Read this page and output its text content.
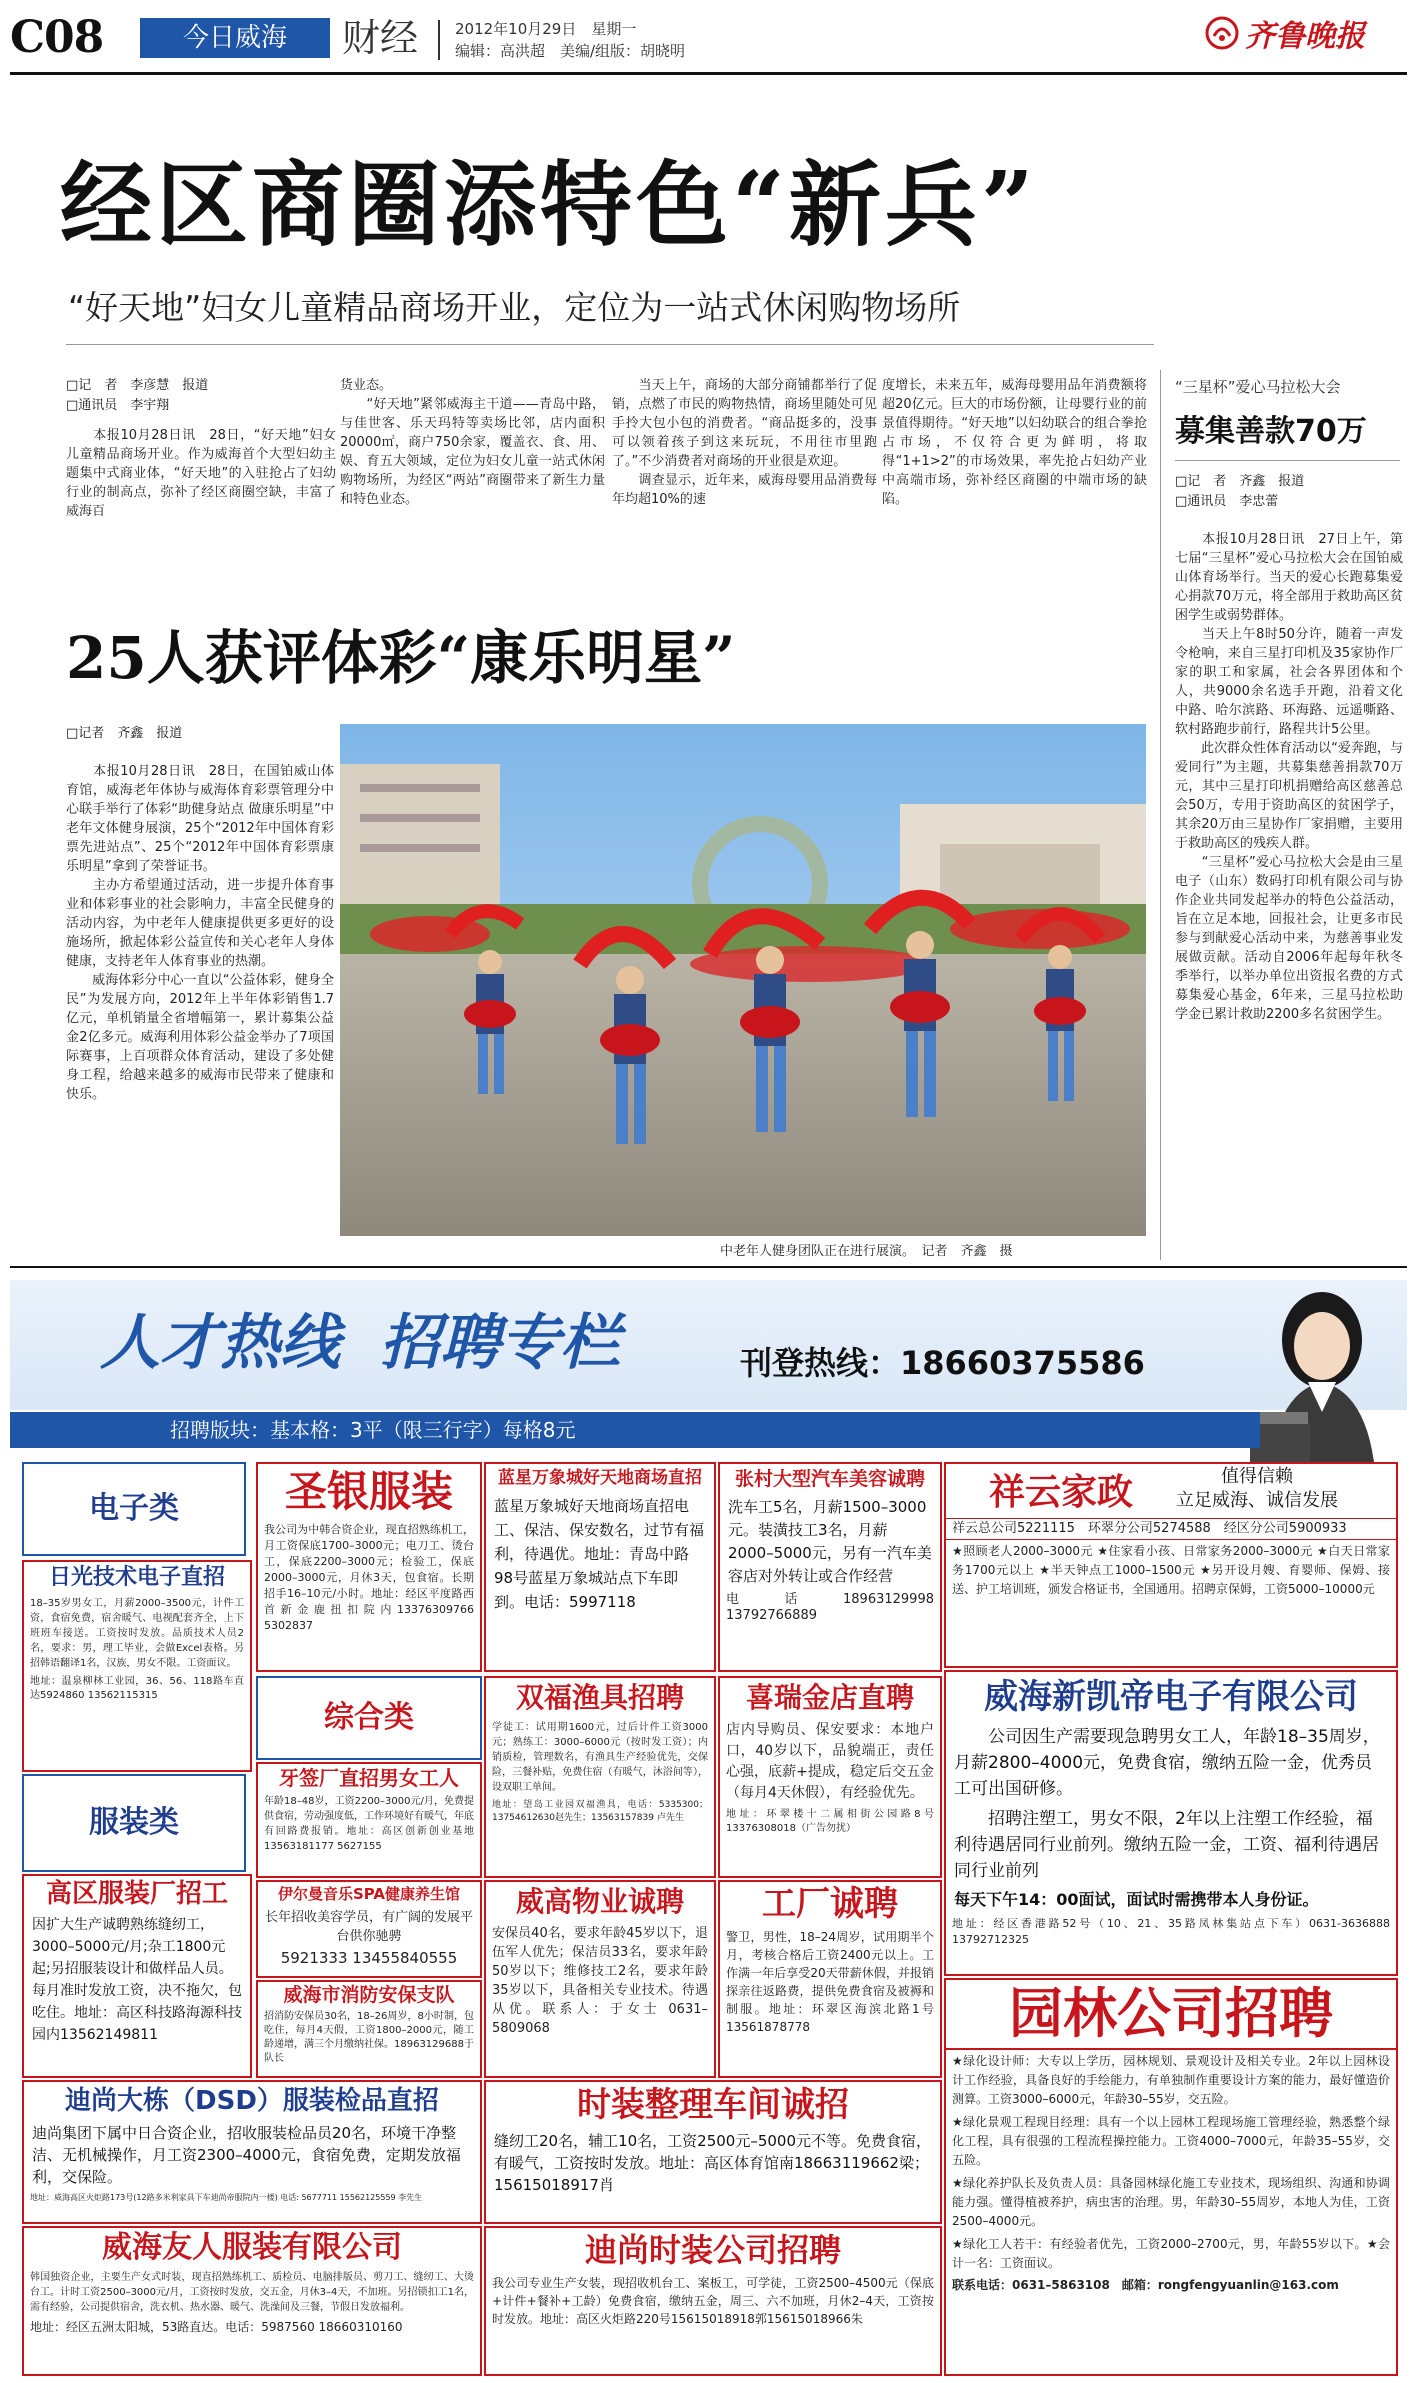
C08	今日威海	财经 2012年10月29日　星期一
编辑：高洪超　美编/组版：胡晓明	齐鲁晚报
经区商圈添特色“新兵”
“好天地”妇女儿童精品商场开业，定位为一站式休闲购物场所
□记　者　李彦慧　报道
□通讯员　李宇翔
　　本报10月28日讯　28日，“好天地”妇女儿童精品商场开业。作为威海首个大型妇幼主题集中式商业体，“好天地”的入驻抢占了妇幼行业的制高点，弥补了经区商圈空缺，丰富了威海百
货业态。
　　“好天地”紧邻威海主干道——青岛中路，与佳世客、乐天玛特等卖场比邻，店内面积20000㎡，商户750余家，覆盖衣、食、用、娱、育五大领域，定位为妇女儿童一站式休闲购物场所，为经区“两站”商圈带来了新生力量和特色业态。
　　当天上午，商场的大部分商铺都举行了促销，点燃了市民的购物热情，商场里随处可见手拎大包小包的消费者。“商品挺多的，没事可以领着孩子到这来玩玩，不用往市里跑了。”不少消费者对商场的开业很是欢迎。
　　调查显示，近年来，威海母婴用品消费每年均超10%的速
度增长，未来五年，威海母婴用品年消费额将超20亿元。巨大的市场份额，让母婴行业的前景值得期待。“好天地”以妇幼联合的组合拳抢占市场，不仅符合更为鲜明，将取得“1+1>2”的市场效果，率先抢占妇幼产业中高端市场，弥补经区商圈的中端市场的缺陷。
“三星杯”爱心马拉松大会
募集善款70万
□记　者　齐鑫　报道
□通讯员　李忠蕾
　　本报10月28日讯　27日上午，第七届“三星杯”爱心马拉松大会在国铂威山体育场举行。当天的爱心长跑募集爱心捐款70万元，将全部用于救助高区贫困学生或弱势群体。
　　当天上午8时50分许，随着一声发令枪响，来自三星打印机及35家协作厂家的职工和家属，社会各界团体和个人，共9000余名选手开跑，沿着文化中路、哈尔滨路、环海路、远遥嘶路、软村路跑步前行，路程共计5公里。
　　此次群众性体育活动以“爱奔跑，与爱同行”为主题，共募集慈善捐款70万元，其中三星打印机捐赠给高区慈善总会50万，专用于资助高区的贫困学子，其余20万由三星协作厂家捐赠，主要用于救助高区的残疾人群。
　　“三星杯”爱心马拉松大会是由三星电子（山东）数码打印机有限公司与协作企业共同发起举办的特色公益活动，旨在立足本地，回报社会，让更多市民参与到献爱心活动中来，为慈善事业发展做贡献。活动自2006年起每年秋冬季举行，以举办单位出资报名费的方式募集爱心基金，6年来，三星马拉松助学金已累计救助2200多名贫困学生。
25人获评体彩“康乐明星”
□记者　齐鑫　报道
　　本报10月28日讯　28日，在国铂威山体育馆，威海老年体协与威海体育彩票管理分中心联手举行了体彩“助健身站点 做康乐明星”中老年文体健身展演，25个“2012年中国体育彩票先进站点”、25个“2012年中国体育彩票康乐明星”拿到了荣誉证书。
　　主办方希望通过活动，进一步提升体育事业和体彩事业的社会影响力，丰富全民健身的活动内容，为中老年人健康提供更多更好的设施场所，掀起体彩公益宣传和关心老年人身体健康，支持老年人体育事业的热潮。
　　威海体彩分中心一直以“公益体彩，健身全民”为发展方向，2012年上半年体彩销售1.7亿元，单机销量全省增幅第一，累计募集公益金2亿多元。威海利用体彩公益金举办了7项国际赛事，上百项群众体育活动，建设了多处健身工程，给越来越多的威海市民带来了健康和快乐。
中老年人健身团队正在进行展演。　记者　齐鑫　摄
人才热线 招聘专栏	刊登热线：18660375586
招聘版块：基本格：3平（限三行字）每格8元
电子类
日光技术电子直招
18–35岁男女工，月薪2000–3500元，计件工资，食宿免费，宿舍暖气、电视配套齐全，上下班班车接送。工资按时发放。品质技术人员2名，要求：男，理工毕业，会做Excel表格。另招韩语翻译1名，汉族，男女不限。工资面议。
地址：温泉柳林工业园，36、56、118路车直达5924860 13562115315
服装类
高区服装厂招工
因扩大生产诚聘熟练缝纫工，3000–5000元/月;杂工1800元起;另招服装设计和做样品人员。每月准时发放工资，决不拖欠，包吃住。地址：高区科技路海源科技园内13562149811
圣银服装
我公司为中韩合资企业，现直招熟练机工，月工资保底1700–3000元；电刀工、烫台工，保底2200–3000元；检验工，保底2000–3000元，月休3天，包食宿。长期招手16–10元/小时。地址：经区平度路西首新金鹿扭扣院内13376309766 5302837
综合类
牙签厂直招男女工人
年龄18–48岁，工资2200–3000元/月，免费提供食宿，劳动强度低，工作环境好有暖气，年底有回路费报销。地址：高区创新创业基地13563181177 5627155
伊尔曼音乐SPA健康养生馆
长年招收美容学员，有广阔的发展平台供你驰骋
5921333 13455840555
威海市消防安保支队
招消防安保员30名，18–26周岁，8小时制，包吃住，每月4天假，工资1800–2000元，随工龄递增，满三个月缴纳社保。18963129688于队长
蓝星万象城好天地商场直招
蓝星万象城好天地商场直招电工、保洁、保安数名，过节有福利，待遇优。地址：青岛中路98号蓝星万象城站点下车即到。电话：5997118
双福渔具招聘
学徒工：试用期1600元，过后计件工资3000元；熟练工：3000–6000元（按时发工资）；内销质检，管理数名，有渔具生产经验优先，交保险，三餐补贴，免费住宿（有暖气，沐浴间等），设双职工单间。
地址：望岛工业园双福渔具，电话：5335300；13754612630赵先生；13563157839 卢先生
威高物业诚聘
安保员40名，要求年龄45岁以下，退伍军人优先；保洁员33名，要求年龄50岁以下；维修技工2名，要求年龄35岁以下，具备相关专业技术。待遇从优。联系人：于女士 0631–5809068
张村大型汽车美容诚聘
洗车工5名，月薪1500–3000元。装潢技工3名，月薪2000–5000元，另有一汽车美容店对外转让或合作经营
电话18963129998 13792766889
喜瑞金店直聘
店内导购员、保安要求：本地户口，40岁以下，品貌端正，责任心强，底薪+提成，稳定后交五金（每月4天休假），有经验优先。
地址：环翠楼十二属相街公园路8号 13376308018（广告勿扰）
工厂诚聘
警卫，男性，18–24周岁，试用期半个月，考核合格后工资2400元以上。工作满一年后享受20天带薪休假，并报销探亲往返路费，提供免费食宿及被褥和制服。地址：环翠区海滨北路1号13561878778
祥云家政	值得信赖
立足威海、诚信发展
祥云总公司5221115　环翠分公司5274588　经区分公司5900933
★照顾老人2000–3000元 ★住家看小孩、日常家务2000–3000元 ★白天日常家务1700元以上 ★半天钟点工1000–1500元 ★另开设月嫂、育婴师、保姆、接送、护工培训班，颁发合格证书，全国通用。招聘京保姆，工资5000–10000元
威海新凯帝电子有限公司
　　公司因生产需要现急聘男女工人，年龄18–35周岁，月薪2800–4000元，免费食宿，缴纳五险一金，优秀员工可出国研修。
　　招聘注塑工，男女不限，2年以上注塑工作经验，福利待遇居同行业前列。缴纳五险一金，工资、福利待遇居同行业前列
每天下午14：00面试，面试时需携带本人身份证。
地址：经区香港路52号（10、21、35路凤林集站点下车）0631-3636888 13792712325
园林公司招聘
★绿化设计师：大专以上学历，园林规划、景观设计及相关专业。2年以上园林设计工作经验，具备良好的手绘能力，有单独制作重要设计方案的能力，最好懂造价测算。工资3000–6000元，年龄30–55岁，交五险。
★绿化景观工程现目经理：具有一个以上园林工程现场施工管理经验，熟悉整个绿化工程，具有很强的工程流程操控能力。工资4000–7000元，年龄35–55岁，交五险。
★绿化养护队长及负责人员：具备园林绿化施工专业技术，现场组织、沟通和协调能力强。懂得植被养护，病虫害的治理。男，年龄30–55周岁，本地人为佳，工资2500–4000元。
★绿化工人若干：有经验者优先，工资2000–2700元，男，年龄55岁以下。★会计一名：工资面议。
联系电话：0631–5863108　邮箱：rongfengyuanlin@163.com
迪尚大栋（DSD）服装检品直招
迪尚集团下属中日合资企业，招收服装检品员20名，环境干净整洁、无机械操作，月工资2300–4000元，食宿免费，定期发放福利，交保险。
地址：威海高区火炬路173号(12路多米利家具下车迪尚帝服院内一楼) 电话: 5677711 15562125559 李先生
时装整理车间诚招
缝纫工20名，辅工10名，工资2500元–5000元不等。免费食宿，有暖气，工资按时发放。地址：高区体育馆南18663119662梁；15615018917肖
威海友人服装有限公司
韩国独资企业，主要生产女式时装，现直招熟练机工、质检员、电脑排版员、剪刀工、缝纫工、大烫台工。计时工资2500–3000元/月，工资按时发放，交五金，月休3–4天，不加班。另招锁扣工1名，需有经验，公司提供宿舍，洗衣机、热水器、暖气、洗澡间及三餐，节假日发放福利。
地址：经区五洲太阳城，53路直达。电话：5987560 18660310160
迪尚时装公司招聘
我公司专业生产女装，现招收机台工、案板工，可学徒，工资2500–4500元（保底+计件+餐补+工龄）免费食宿，缴纳五金，周三、六不加班，月休2–4天，工资按时发放。地址：高区火炬路220号15615018918郭15615018966朱
